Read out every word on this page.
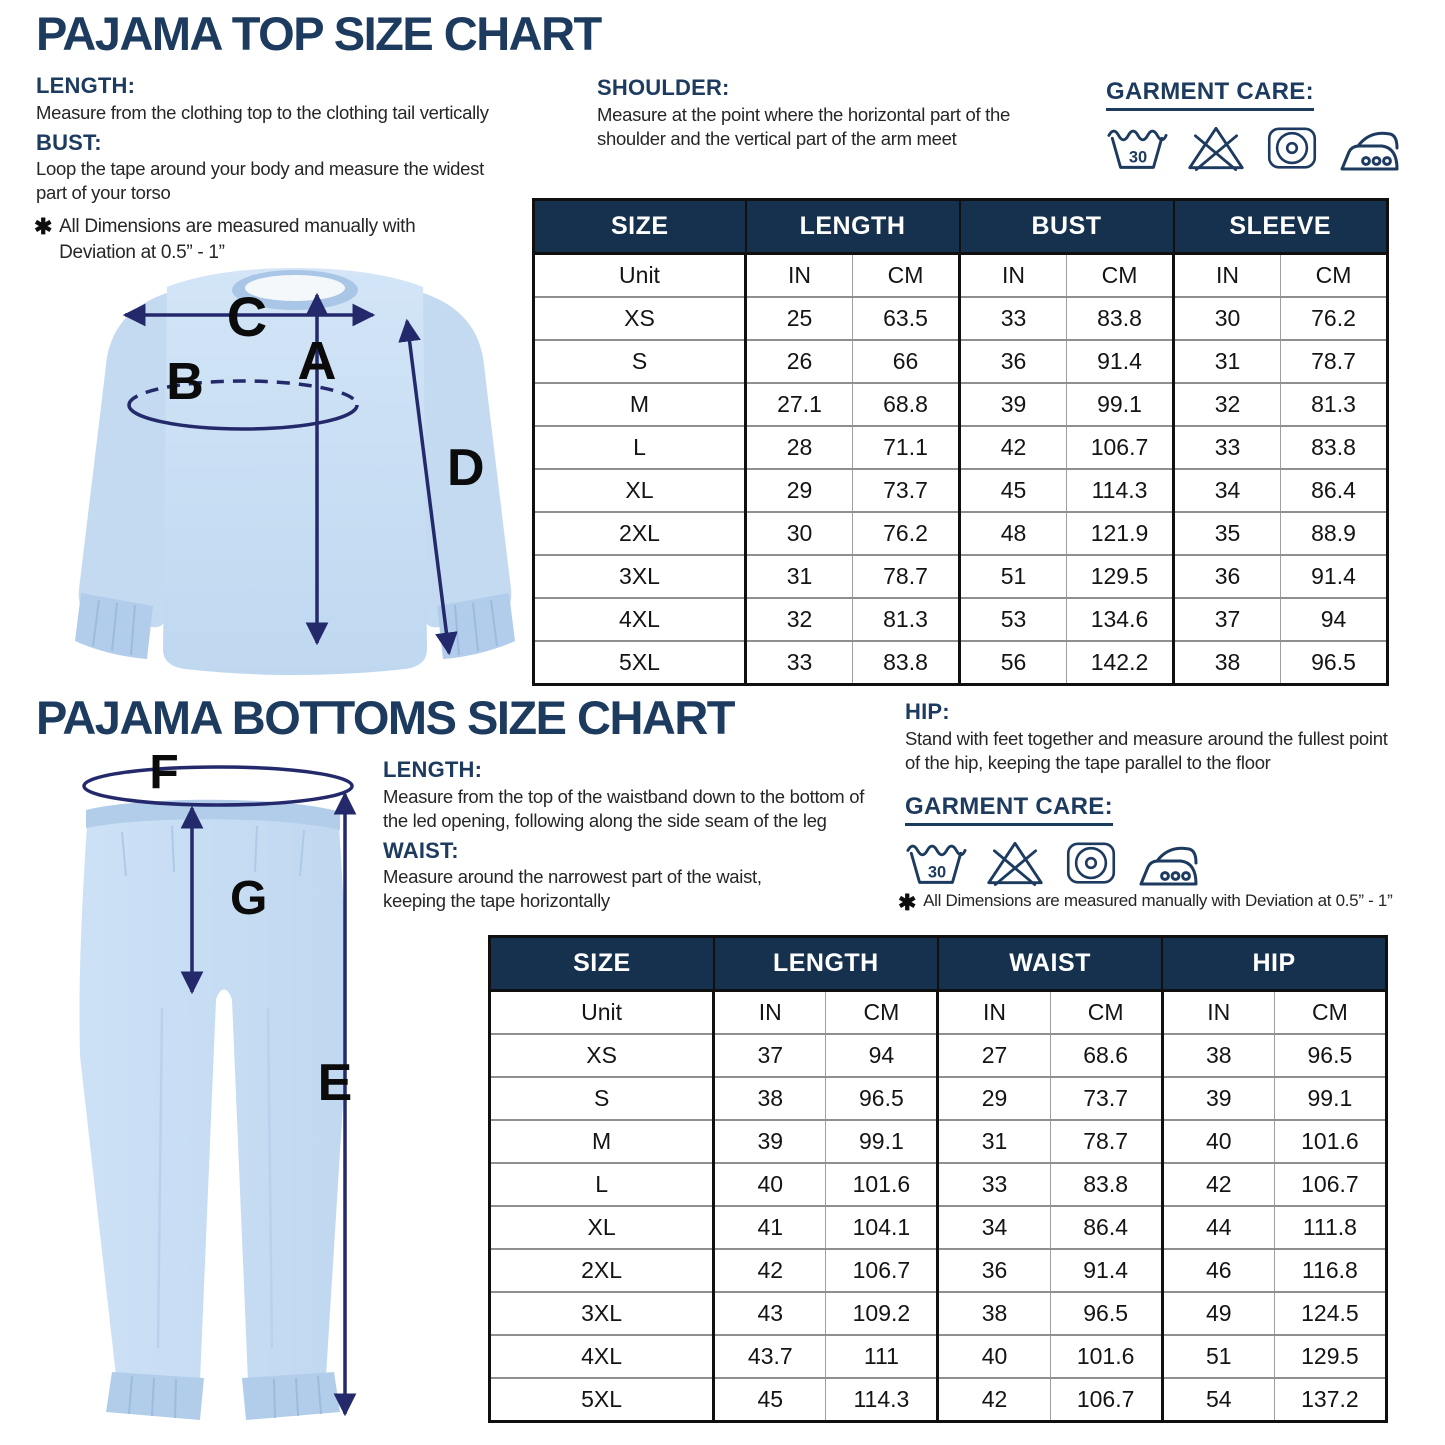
PAJAMA TOP SIZE CHART
LENGTH:
Measure from the clothing top to the clothing tail vertically
BUST:
Loop the tape around your body and measure the widest part of your torso
✱ All Dimensions are measured manually with Deviation at 0.5” - 1”
SHOULDER:
Measure at the point where the horizontal part of the shoulder and the vertical part of the arm meet
GARMENT CARE:
30
C
A
B
D
SIZE	LENGTH		BUST		SLEEVE	
Unit	IN	CM	IN	CM	IN	CM
XS	25	63.5	33	83.8	30	76.2
S	26	66	36	91.4	31	78.7
M	27.1	68.8	39	99.1	32	81.3
L	28	71.1	42	106.7	33	83.8
XL	29	73.7	45	114.3	34	86.4
2XL	30	76.2	48	121.9	35	88.9
3XL	31	78.7	51	129.5	36	91.4
4XL	32	81.3	53	134.6	37	94
5XL	33	83.8	56	142.2	38	96.5
PAJAMA BOTTOMS SIZE CHART
F
G
E
LENGTH:
Measure from the top of the waistband down to the bottom of the led opening, following along the side seam of the leg
WAIST:
Measure around the narrowest part of the waist, keeping the tape horizontally
HIP:
Stand with feet together and measure around the fullest point of the hip, keeping the tape parallel to the floor
GARMENT CARE:
30
✱ All Dimensions are measured manually with Deviation at 0.5” - 1”
SIZE	LENGTH		WAIST		HIP	
Unit	IN	CM	IN	CM	IN	CM
XS	37	94	27	68.6	38	96.5
S	38	96.5	29	73.7	39	99.1
M	39	99.1	31	78.7	40	101.6
L	40	101.6	33	83.8	42	106.7
XL	41	104.1	34	86.4	44	111.8
2XL	42	106.7	36	91.4	46	116.8
3XL	43	109.2	38	96.5	49	124.5
4XL	43.7	111	40	101.6	51	129.5
5XL	45	114.3	42	106.7	54	137.2
